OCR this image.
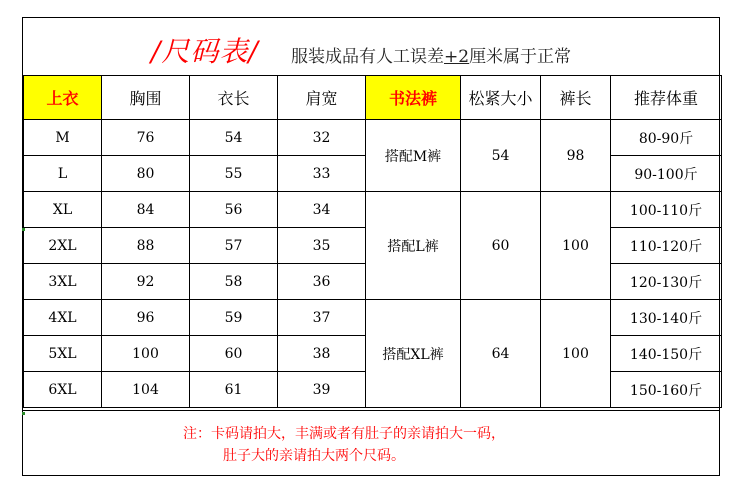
/尺码表/ 服装成品有人工误差+2厘米属于正常
上衣	胸围	衣长	肩宽	书法裤	松紧大小	裤长	推荐体重
M	76	54	32	搭配M裤	54	98	80-90斤
L	80	55	33				90-100斤
XL	84	56	34	搭配L裤	60	100	100-110斤
2XL	88	57	35				110-120斤
3XL	92	58	36				120-130斤
4XL	96	59	37	搭配XL裤	64	100	130-140斤
5XL	100	60	38				140-150斤
6XL	104	61	39				150-160斤
注：卡码请拍大，丰满或者有肚子的亲请拍大一码，
肚子大的亲请拍大两个尺码。
